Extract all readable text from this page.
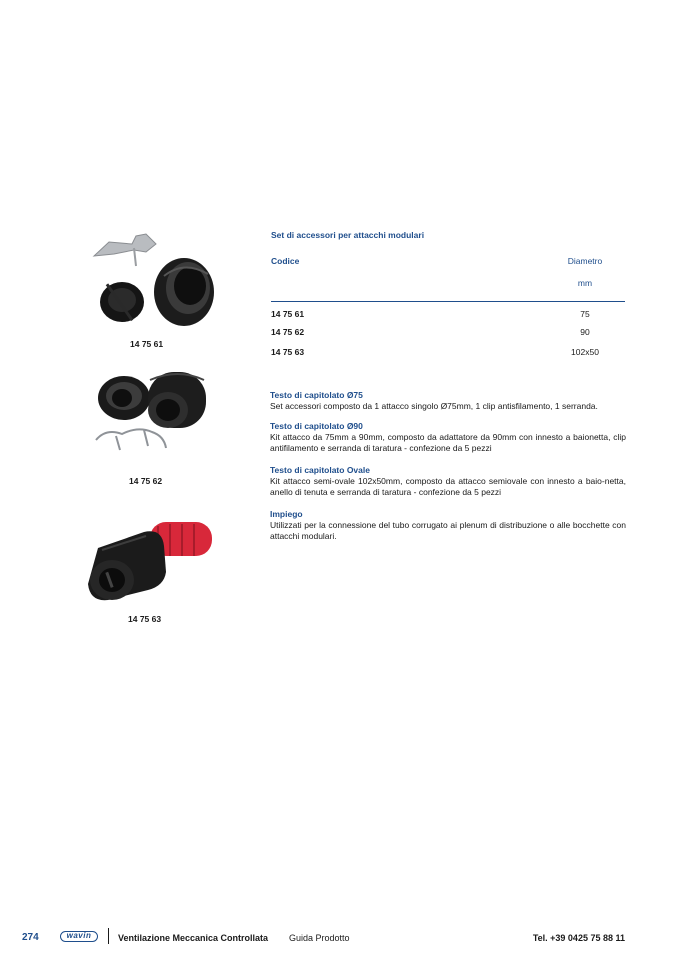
14 75 61
14 75 62
14 75 63
Set di accessori per attacchi modulari
Codice	Diametro
mm
14 75 61	75
14 75 62	90
14 75 63	102x50
Testo di capitolato Ø75
Set accessori composto da 1 attacco singolo Ø75mm, 1 clip antisfilamento, 1 serranda.
Testo di capitolato Ø90
Kit attacco da 75mm a 90mm, composto da adattatore da 90mm con innesto a baionetta, clip antifilamento e serranda di taratura - confezione da 5 pezzi
Testo di capitolato Ovale
Kit attacco semi-ovale 102x50mm, composto da attacco semiovale con innesto a baio-netta, anello di tenuta e serranda di taratura - confezione da 5 pezzi
Impiego
Utilizzati per la connessione del tubo corrugato ai plenum di distribuzione o alle bocchette con attacchi modulari.
274	wavin	Ventilazione Meccanica Controllata Guida Prodotto	Tel. +39 0425 75 88 11
